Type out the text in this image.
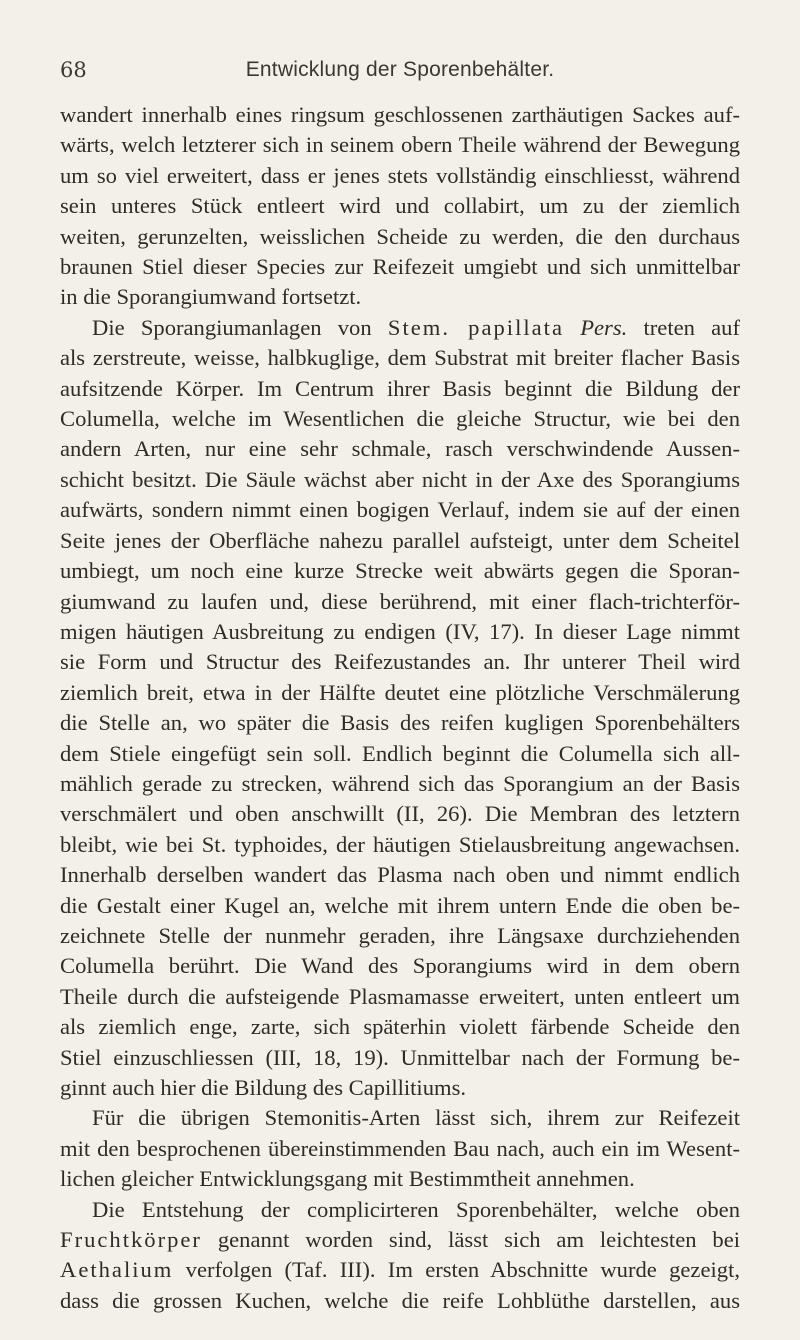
68	Entwicklung der Sporenbehälter.
wandert innerhalb eines ringsum geschlossenen zarthäutigen Sackes auf-
wärts, welch letzterer sich in seinem obern Theile während der Bewegung
um so viel erweitert, dass er jenes stets vollständig einschliesst, während
sein unteres Stück entleert wird und collabirt, um zu der ziemlich
weiten, gerunzelten, weisslichen Scheide zu werden, die den durchaus
braunen Stiel dieser Species zur Reifezeit umgiebt und sich unmittelbar
in die Sporangiumwand fortsetzt.
Die Sporangiumanlagen von Stem. papillata Pers. treten auf
als zerstreute, weisse, halbkuglige, dem Substrat mit breiter flacher Basis
aufsitzende Körper. Im Centrum ihrer Basis beginnt die Bildung der
Columella, welche im Wesentlichen die gleiche Structur, wie bei den
andern Arten, nur eine sehr schmale, rasch verschwindende Aussen-
schicht besitzt. Die Säule wächst aber nicht in der Axe des Sporangiums
aufwärts, sondern nimmt einen bogigen Verlauf, indem sie auf der einen
Seite jenes der Oberfläche nahezu parallel aufsteigt, unter dem Scheitel
umbiegt, um noch eine kurze Strecke weit abwärts gegen die Sporan-
giumwand zu laufen und, diese berührend, mit einer flach-trichterför-
migen häutigen Ausbreitung zu endigen (IV, 17). In dieser Lage nimmt
sie Form und Structur des Reifezustandes an. Ihr unterer Theil wird
ziemlich breit, etwa in der Hälfte deutet eine plötzliche Verschmälerung
die Stelle an, wo später die Basis des reifen kugligen Sporenbehälters
dem Stiele eingefügt sein soll. Endlich beginnt die Columella sich all-
mählich gerade zu strecken, während sich das Sporangium an der Basis
verschmälert und oben anschwillt (II, 26). Die Membran des letztern
bleibt, wie bei St. typhoides, der häutigen Stielausbreitung angewachsen.
Innerhalb derselben wandert das Plasma nach oben und nimmt endlich
die Gestalt einer Kugel an, welche mit ihrem untern Ende die oben be-
zeichnete Stelle der nunmehr geraden, ihre Längsaxe durchziehenden
Columella berührt. Die Wand des Sporangiums wird in dem obern
Theile durch die aufsteigende Plasmamasse erweitert, unten entleert um
als ziemlich enge, zarte, sich späterhin violett färbende Scheide den
Stiel einzuschliessen (III, 18, 19). Unmittelbar nach der Formung be-
ginnt auch hier die Bildung des Capillitiums.
Für die übrigen Stemonitis-Arten lässt sich, ihrem zur Reifezeit
mit den besprochenen übereinstimmenden Bau nach, auch ein im Wesent-
lichen gleicher Entwicklungsgang mit Bestimmtheit annehmen.
Die Entstehung der complicirteren Sporenbehälter, welche oben
Fruchtkörper genannt worden sind, lässt sich am leichtesten bei
Aethalium verfolgen (Taf. III). Im ersten Abschnitte wurde gezeigt,
dass die grossen Kuchen, welche die reife Lohblüthe darstellen, aus
